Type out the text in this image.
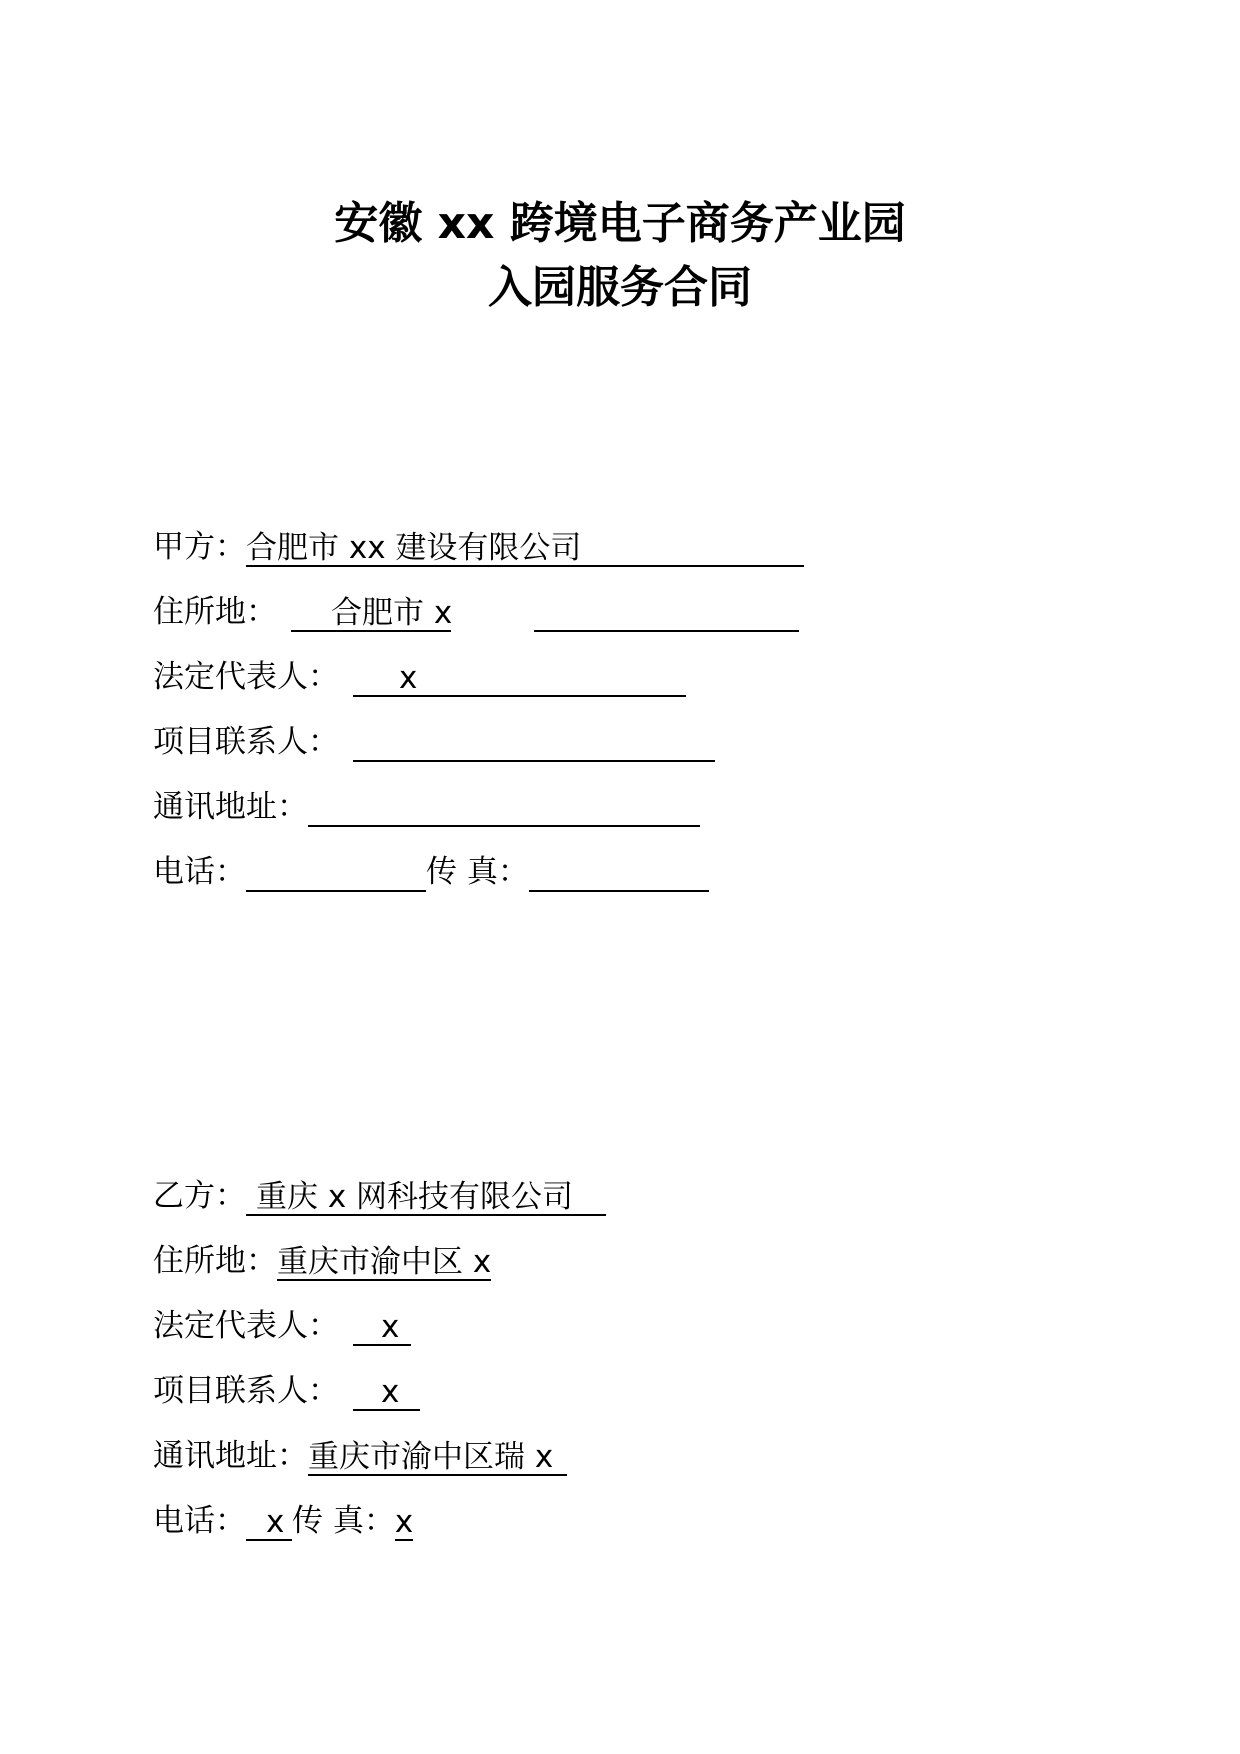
安徽 xx 跨境电子商务产业园
入园服务合同
甲方：合肥市 xx 建设有限公司
住所地： 合肥市 x
法定代表人： x
项目联系人：
通讯地址：
电话：	传 真：
乙方： 重庆 x 网科技有限公司
住所地：重庆市渝中区 x
法定代表人： x
项目联系人： x
通讯地址：重庆市渝中区瑞 x
电话： x 传 真：x
